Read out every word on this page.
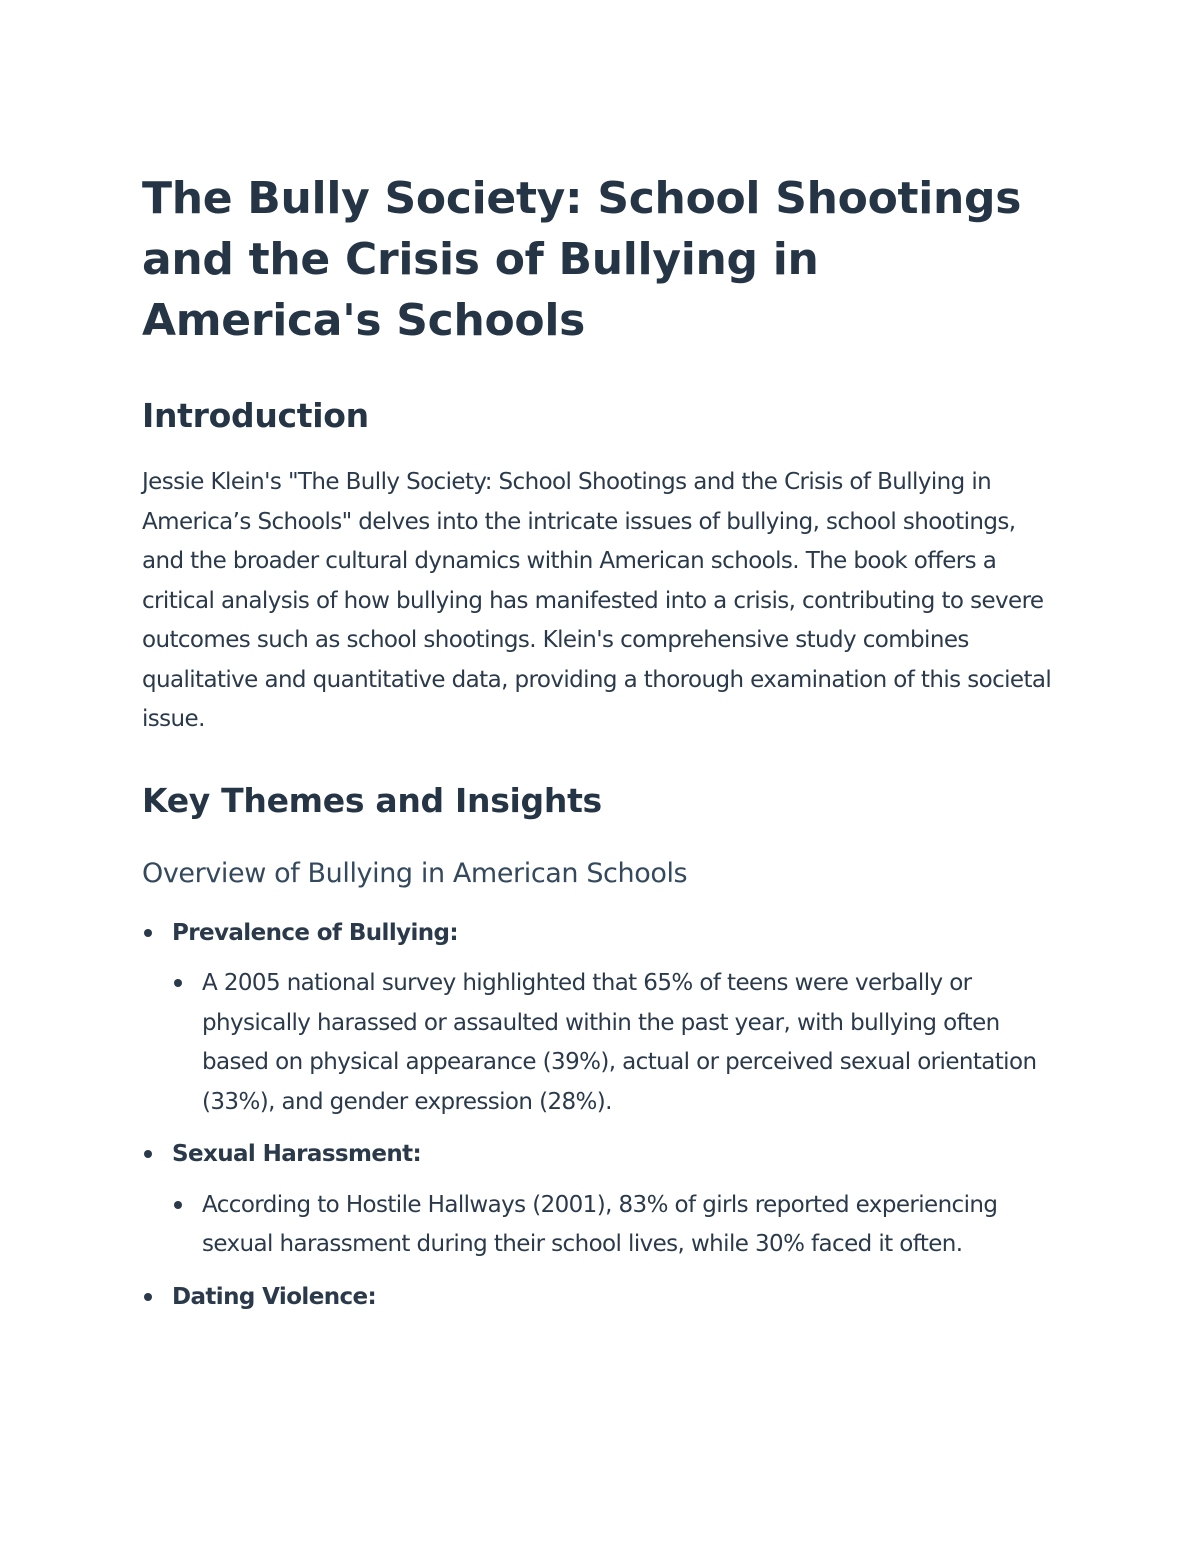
The Bully Society: School Shootings and the Crisis of Bullying in America's Schools
Introduction

Jessie Klein's "The Bully Society: School Shootings and the Crisis of Bullying in America’s Schools" delves into the intricate issues of bullying, school shootings, and the broader cultural dynamics within American schools. The book offers a critical analysis of how bullying has manifested into a crisis, contributing to severe outcomes such as school shootings. Klein's comprehensive study combines qualitative and quantitative data, providing a thorough examination of this societal issue.

Key Themes and Insights
Overview of Bullying in American Schools
Prevalence of Bullying:
A 2005 national survey highlighted that 65% of teens were verbally or physically harassed or assaulted within the past year, with bullying often based on physical appearance (39%), actual or perceived sexual orientation (33%), and gender expression (28%).
Sexual Harassment:
According to Hostile Hallways (2001), 83% of girls reported experiencing sexual harassment during their school lives, while 30% faced it often.
Dating Violence:
